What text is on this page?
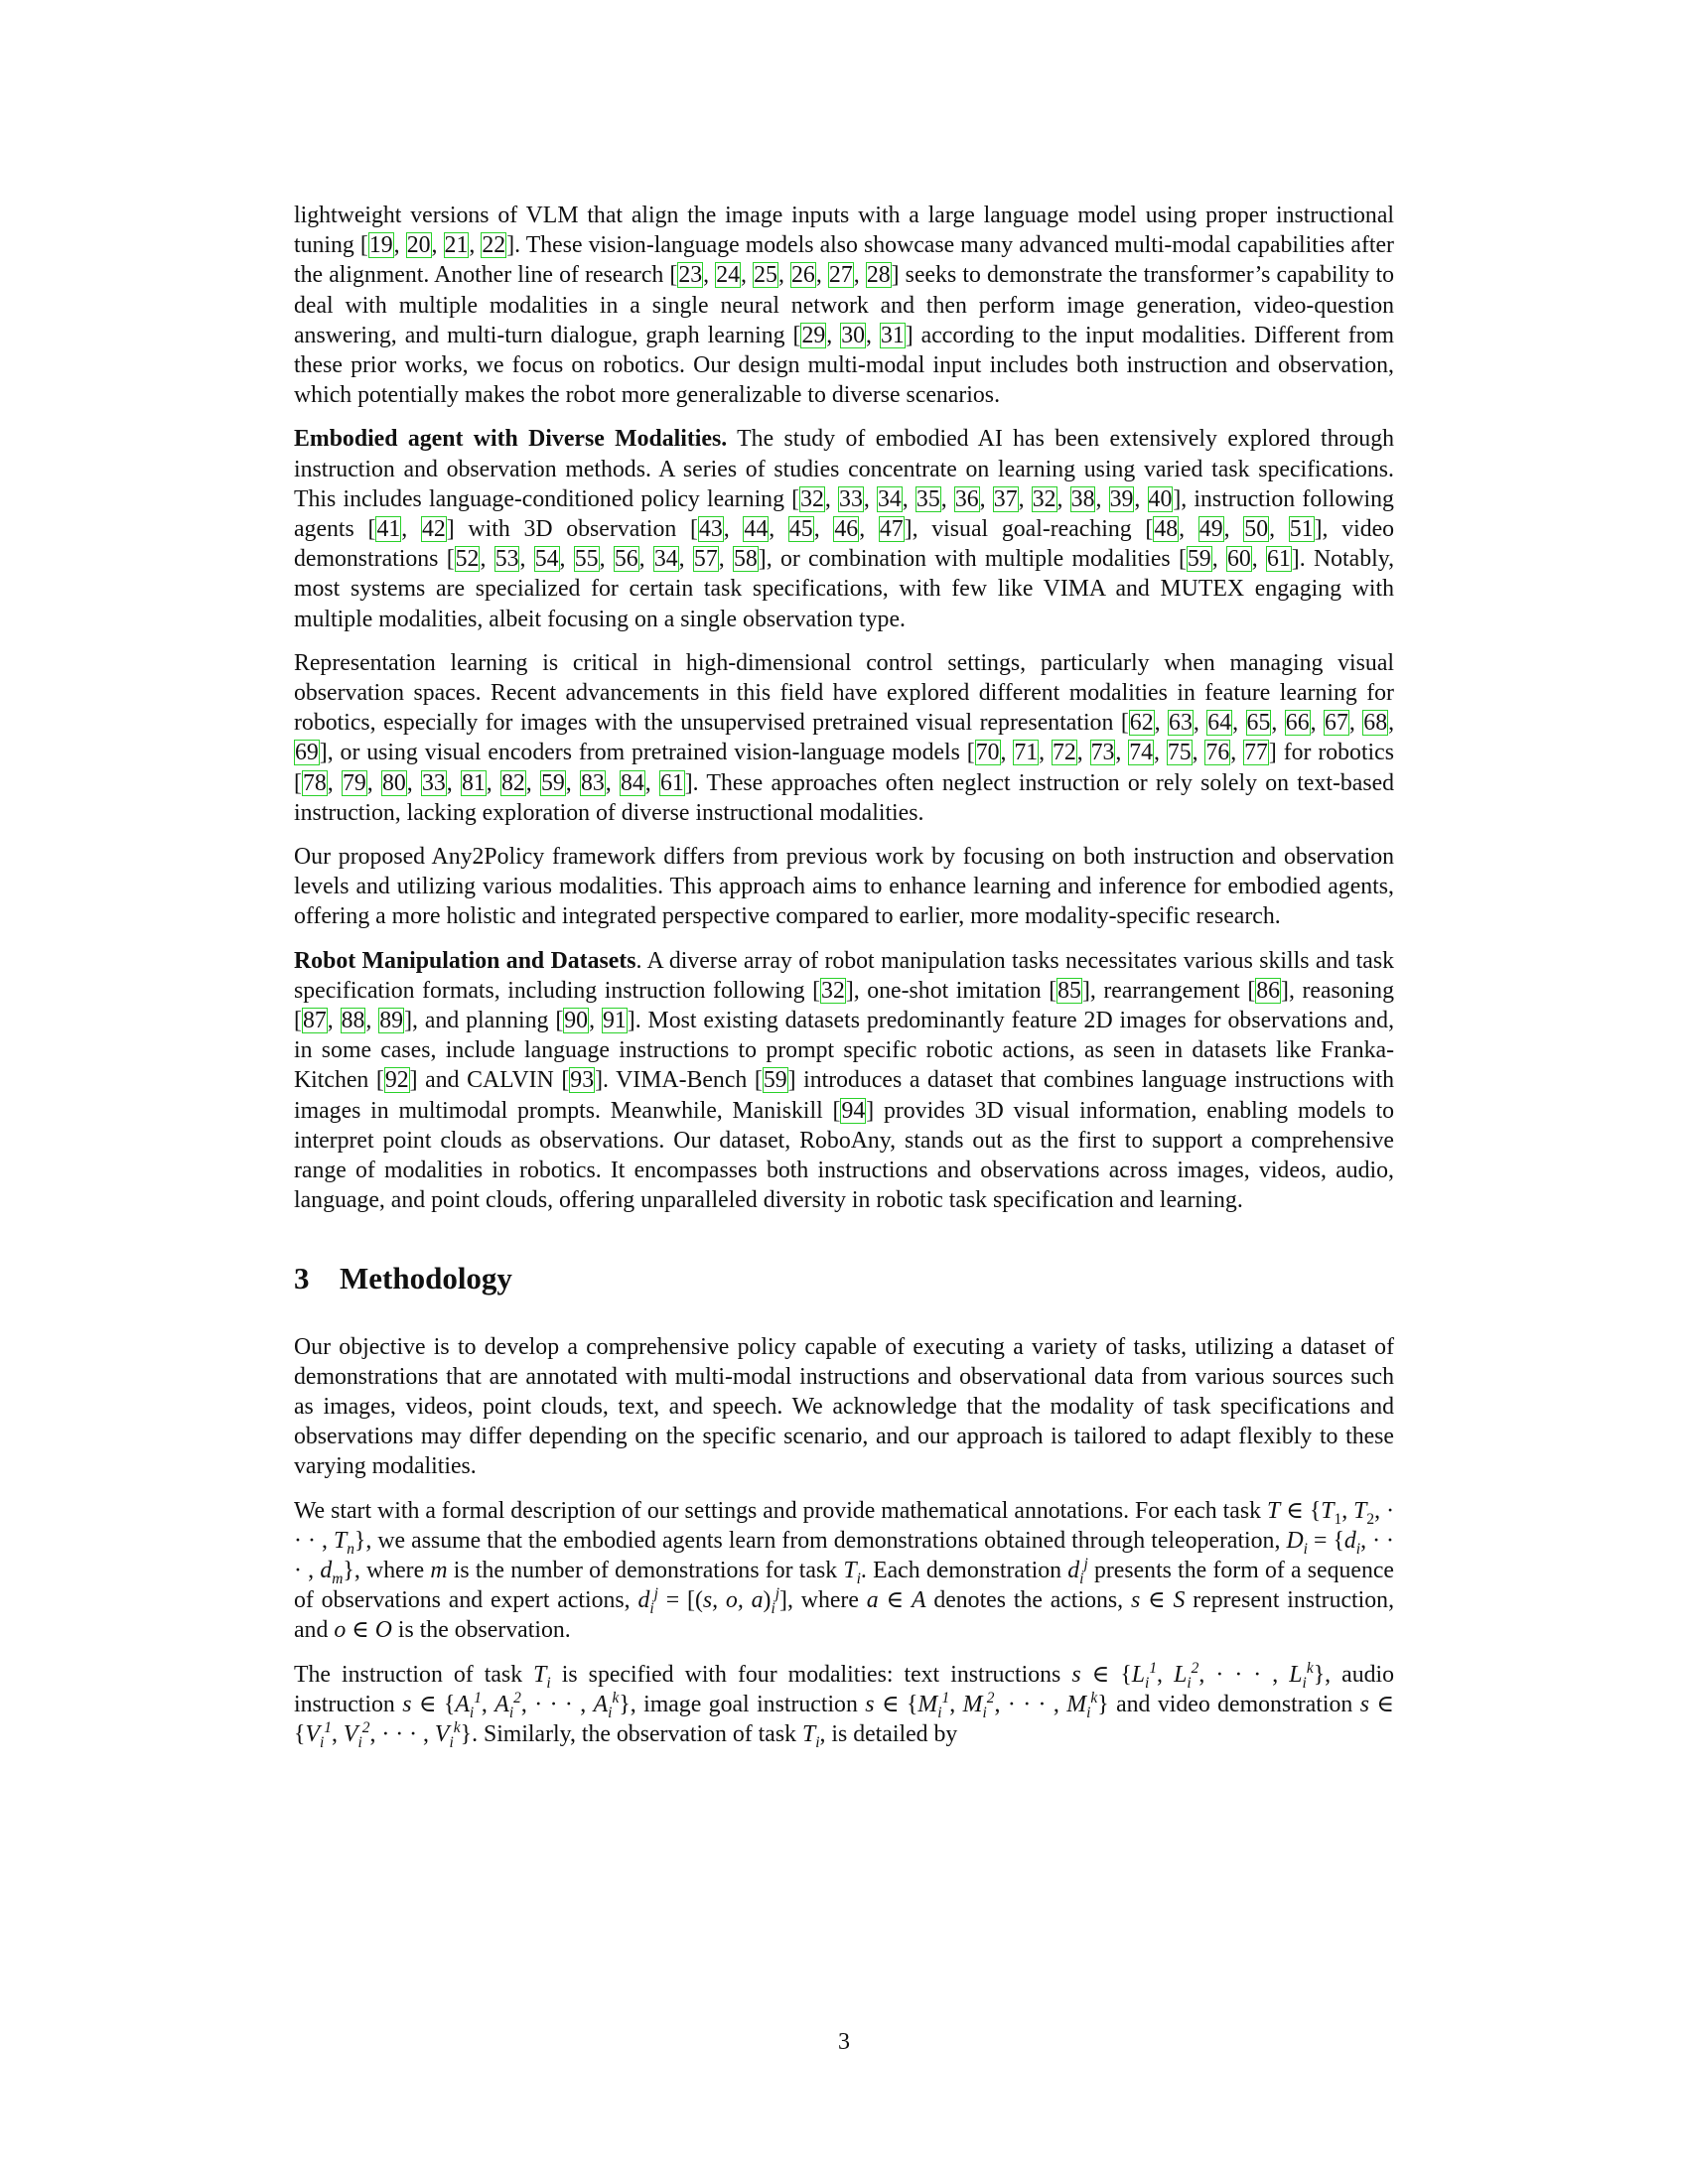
lightweight versions of VLM that align the image inputs with a large language model using proper instructional tuning [19, 20, 21, 22]. These vision-language models also showcase many advanced multi-modal capabilities after the alignment. Another line of research [23, 24, 25, 26, 27, 28] seeks to demonstrate the transformer’s capability to deal with multiple modalities in a single neural network and then perform image generation, video-question answering, and multi-turn dialogue, graph learning [29, 30, 31] according to the input modalities. Different from these prior works, we focus on robotics. Our design multi-modal input includes both instruction and observation, which potentially makes the robot more generalizable to diverse scenarios.

Embodied agent with Diverse Modalities. The study of embodied AI has been extensively explored through instruction and observation methods. A series of studies concentrate on learning using varied task specifications. This includes language-conditioned policy learning [32, 33, 34, 35, 36, 37, 32, 38, 39, 40], instruction following agents [41, 42] with 3D observation [43, 44, 45, 46, 47], visual goal-reaching [48, 49, 50, 51], video demonstrations [52, 53, 54, 55, 56, 34, 57, 58], or combination with multiple modalities [59, 60, 61]. Notably, most systems are specialized for certain task specifications, with few like VIMA and MUTEX engaging with multiple modalities, albeit focusing on a single observation type.

Representation learning is critical in high-dimensional control settings, particularly when managing visual observation spaces. Recent advancements in this field have explored different modalities in feature learning for robotics, especially for images with the unsupervised pretrained visual representation [62, 63, 64, 65, 66, 67, 68, 69], or using visual encoders from pretrained vision-language models [70, 71, 72, 73, 74, 75, 76, 77] for robotics [78, 79, 80, 33, 81, 82, 59, 83, 84, 61]. These approaches often neglect instruction or rely solely on text-based instruction, lacking exploration of diverse instructional modalities.

Our proposed Any2Policy framework differs from previous work by focusing on both instruction and observation levels and utilizing various modalities. This approach aims to enhance learning and inference for embodied agents, offering a more holistic and integrated perspective compared to earlier, more modality-specific research.

Robot Manipulation and Datasets. A diverse array of robot manipulation tasks necessitates various skills and task specification formats, including instruction following [32], one-shot imitation [85], rearrangement [86], reasoning [87, 88, 89], and planning [90, 91]. Most existing datasets predominantly feature 2D images for observations and, in some cases, include language instructions to prompt specific robotic actions, as seen in datasets like Franka-Kitchen [92] and CALVIN [93]. VIMA-Bench [59] introduces a dataset that combines language instructions with images in multimodal prompts. Meanwhile, Maniskill [94] provides 3D visual information, enabling models to interpret point clouds as observations. Our dataset, RoboAny, stands out as the first to support a comprehensive range of modalities in robotics. It encompasses both instructions and observations across images, videos, audio, language, and point clouds, offering unparalleled diversity in robotic task specification and learning.

3 Methodology

Our objective is to develop a comprehensive policy capable of executing a variety of tasks, utilizing a dataset of demonstrations that are annotated with multi-modal instructions and observational data from various sources such as images, videos, point clouds, text, and speech. We acknowledge that the modality of task specifications and observations may differ depending on the specific scenario, and our approach is tailored to adapt flexibly to these varying modalities.

We start with a formal description of our settings and provide mathematical annotations. For each task T ∈ {$T_1$, $T_2$, · · · , $T_n$}, we assume that the embodied agents learn from demonstrations obtained through teleoperation, $D_i = \{d_i$, · · · , $d_m$}, where m is the number of demonstrations for task $T_i$. Each demonstration $d_i^j$ presents the form of a sequence of observations and expert actions, $d_i^j = [(s$, o, $a)_i^j$], where a ∈ A denotes the actions, s ∈ S represent instruction, and o ∈ O is the observation.

The instruction of task $T_i$ is specified with four modalities: text instructions s ∈ {$L_i^1$, $L_i^2$, · · · , $L_i^k$}, audio instruction s ∈ {$A_i^1$, $A_i^2$, · · · , $A_i^k$}, image goal instruction s ∈ {$M_i^1$, $M_i^2$, · · · , $M_i^k$} and video demonstration s ∈ {$V_i^1$, $V_i^2$, · · · , $V_i^k$}. Similarly, the observation of task $T_i$, is detailed by

3
